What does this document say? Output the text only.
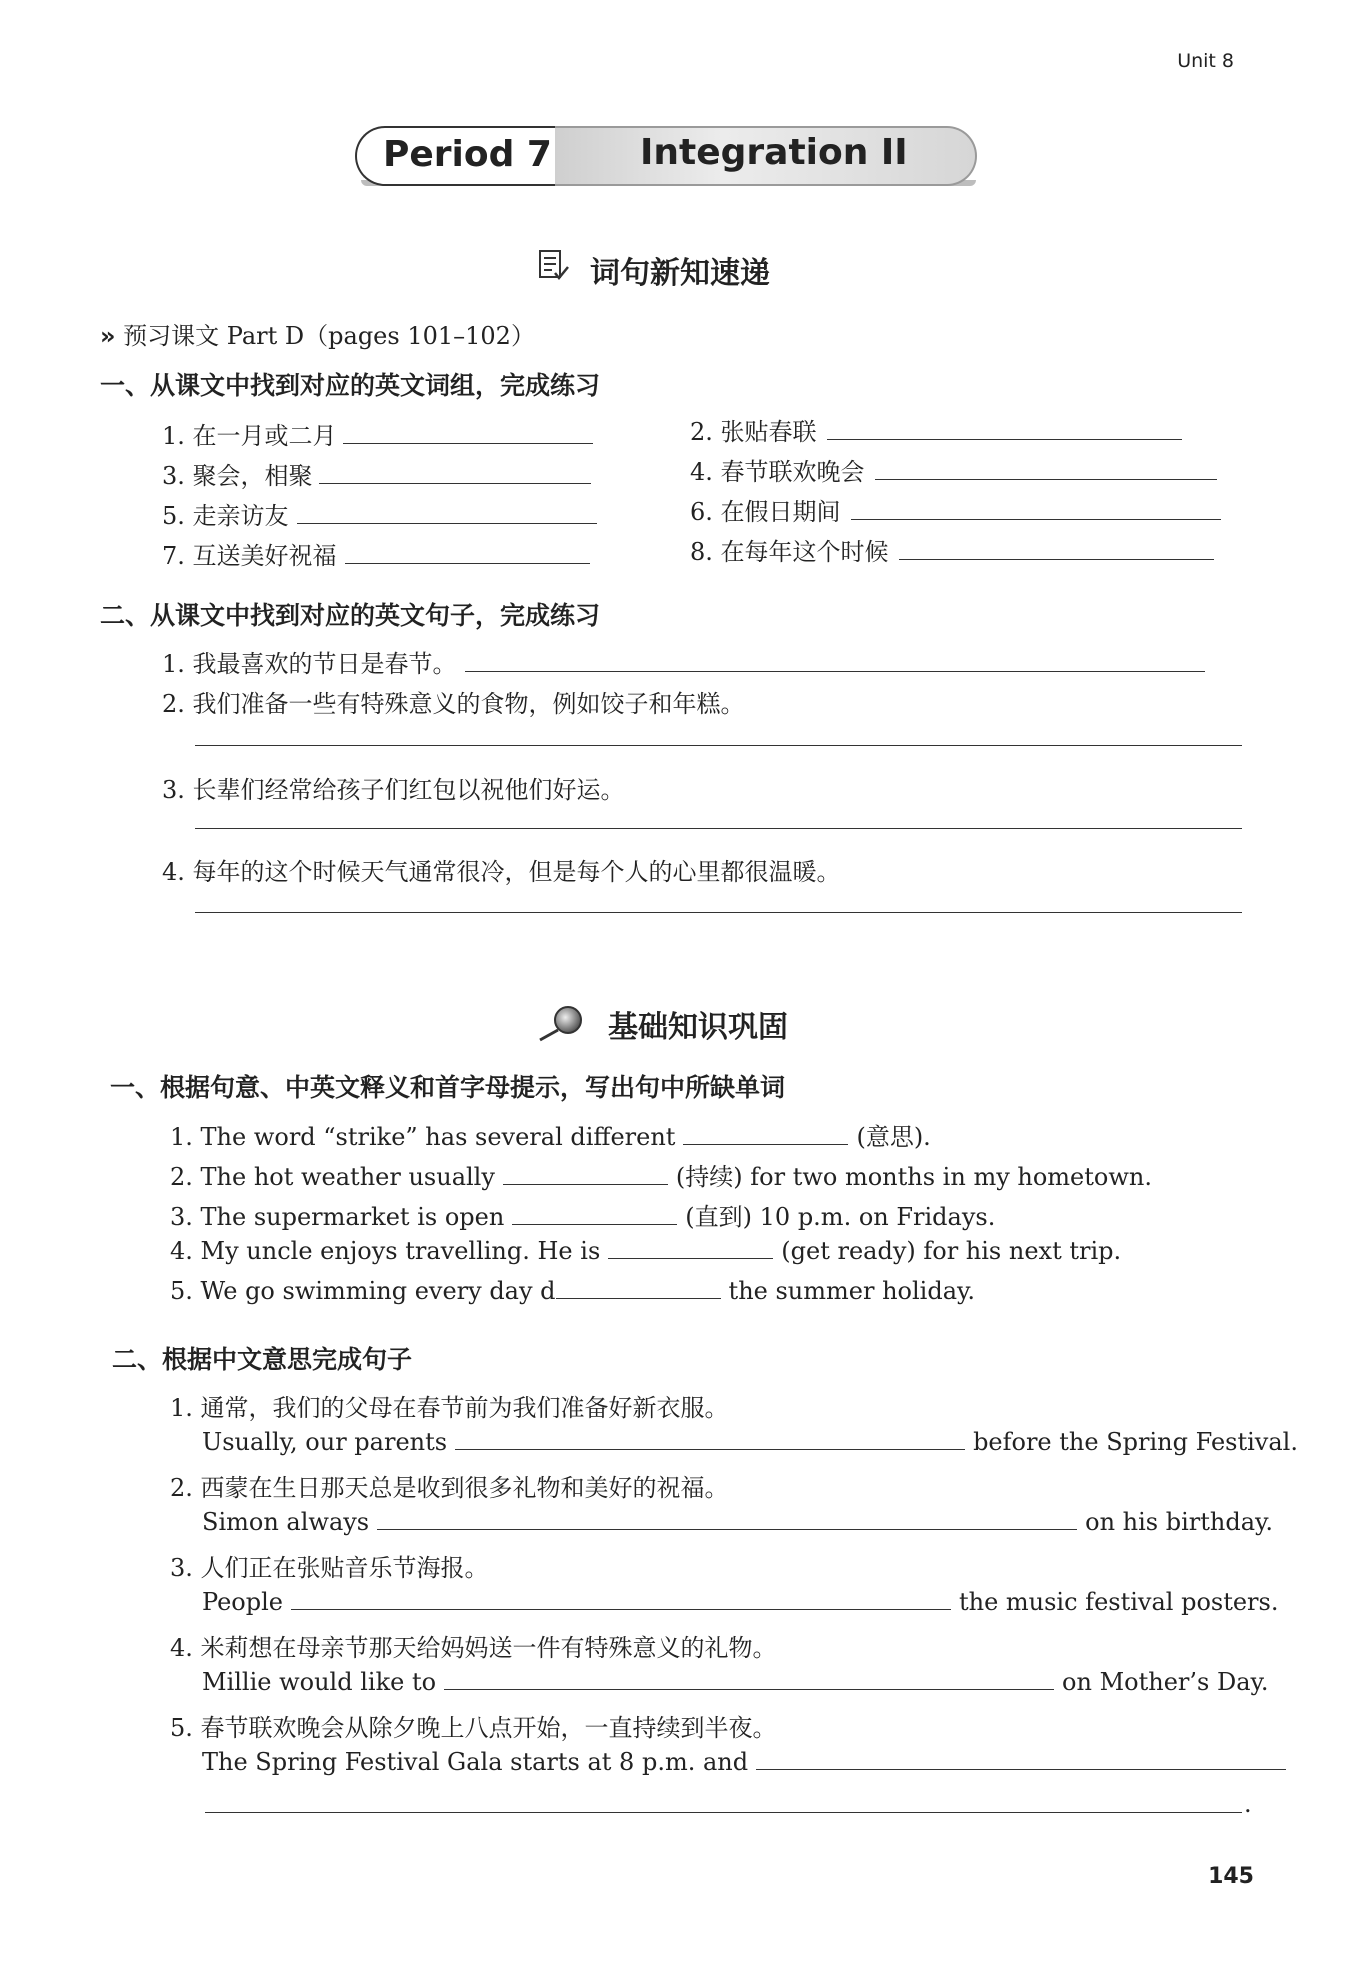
Unit 8
Period 7 Integration II
词句新知速递
» 预习课文 Part D（pages 101–102）
一、从课文中找到对应的英文词组，完成练习
1. 在一月或二月	2. 张贴春联
3. 聚会，相聚	4. 春节联欢晚会
5. 走亲访友	6. 在假日期间
7. 互送美好祝福	8. 在每年这个时候
二、从课文中找到对应的英文句子，完成练习
1. 我最喜欢的节日是春节。
2. 我们准备一些有特殊意义的食物，例如饺子和年糕。
3. 长辈们经常给孩子们红包以祝他们好运。
4. 每年的这个时候天气通常很冷，但是每个人的心里都很温暖。
基础知识巩固
一、根据句意、中英文释义和首字母提示，写出句中所缺单词
1. The word “strike” has several different	(意思).
2. The hot weather usually	(持续) for two months in my hometown.
3. The supermarket is open	(直到) 10 p.m. on Fridays.
4. My uncle enjoys travelling. He is	(get ready) for his next trip.
5. We go swimming every day d	the summer holiday.
二、根据中文意思完成句子
1. 通常，我们的父母在春节前为我们准备好新衣服。
Usually, our parents	before the Spring Festival.
2. 西蒙在生日那天总是收到很多礼物和美好的祝福。
Simon always	on his birthday.
3. 人们正在张贴音乐节海报。
People	the music festival posters.
4. 米莉想在母亲节那天给妈妈送一件有特殊意义的礼物。
Millie would like to	on Mother’s Day.
5. 春节联欢晚会从除夕晚上八点开始，一直持续到半夜。
The Spring Festival Gala starts at 8 p.m. and
.
145
